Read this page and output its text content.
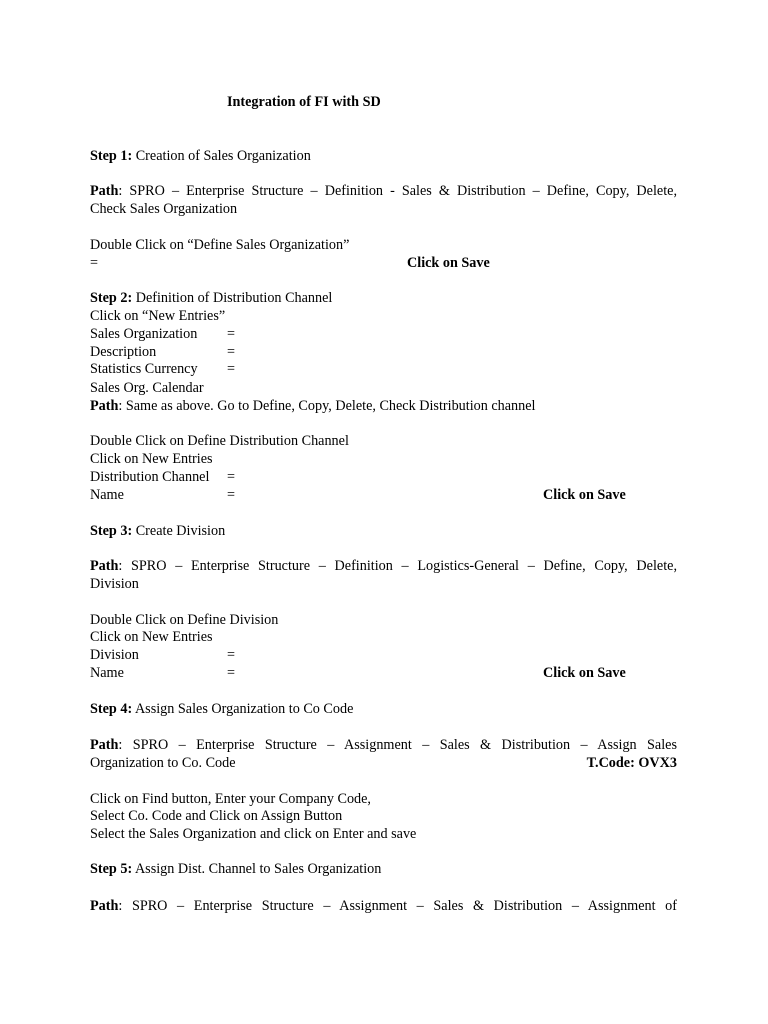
Integration of FI with SD
Step 1: Creation of Sales Organization
Path: SPRO – Enterprise Structure – Definition - Sales & Distribution – Define, Copy, Delete,
Check Sales Organization
Double Click on “Define Sales Organization”
=	Click on Save
Step 2: Definition of Distribution Channel
Click on “New Entries”
Sales Organization =
Description	=
Statistics Currency =
Sales Org. Calendar
Path: Same as above. Go to Define, Copy, Delete, Check Distribution channel
Double Click on Define Distribution Channel
Click on New Entries
Distribution Channel =
Name	=	Click on Save
Step 3: Create Division
Path: SPRO – Enterprise Structure – Definition – Logistics-General – Define, Copy, Delete,
Division
Double Click on Define Division
Click on New Entries
Division	=
Name	=	Click on Save
Step 4: Assign Sales Organization to Co Code
Path: SPRO – Enterprise Structure – Assignment – Sales & Distribution – Assign Sales
Organization to Co. Code	T.Code: OVX3
Click on Find button, Enter your Company Code,
Select Co. Code and Click on Assign Button
Select the Sales Organization and click on Enter and save
Step 5: Assign Dist. Channel to Sales Organization
Path: SPRO – Enterprise Structure – Assignment – Sales & Distribution – Assignment of
